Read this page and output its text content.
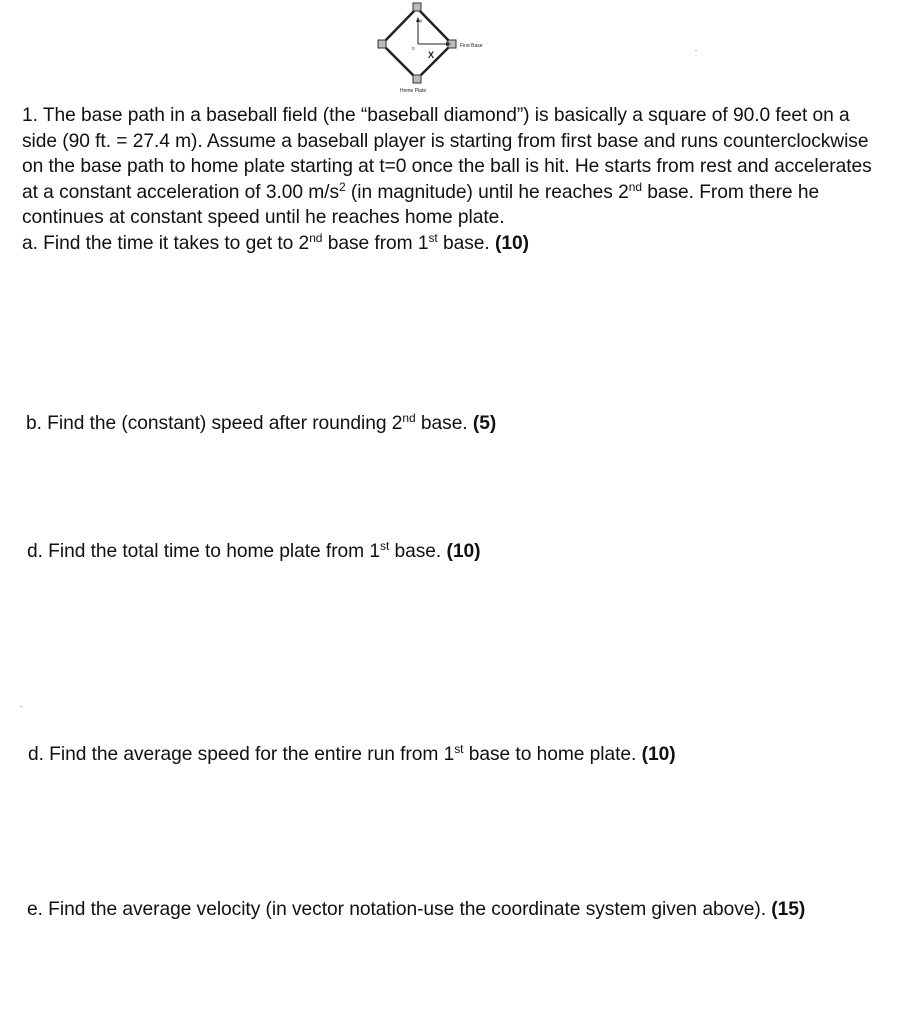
y
x
0
X
First Base
Home Plate
1. The base path in a baseball field (the “baseball diamond”) is basically a square of 90.0 feet on a side (90 ft. = 27.4 m). Assume a baseball player is starting from first base and runs counterclockwise on the base path to home plate starting at t=0 once the ball is hit. He starts from rest and accelerates at a constant acceleration of 3.00 $m/s^2$ (in magnitude) until he reaches 2nd base. From there he continues at constant speed until he reaches home plate.
a. Find the time it takes to get to 2nd base from 1st base. (10)
b. Find the (constant) speed after rounding 2nd base. (5)
d. Find the total time to home plate from 1st base. (10)
d. Find the average speed for the entire run from 1st base to home plate. (10)
e. Find the average velocity (in vector notation-use the coordinate system given above). (15)
